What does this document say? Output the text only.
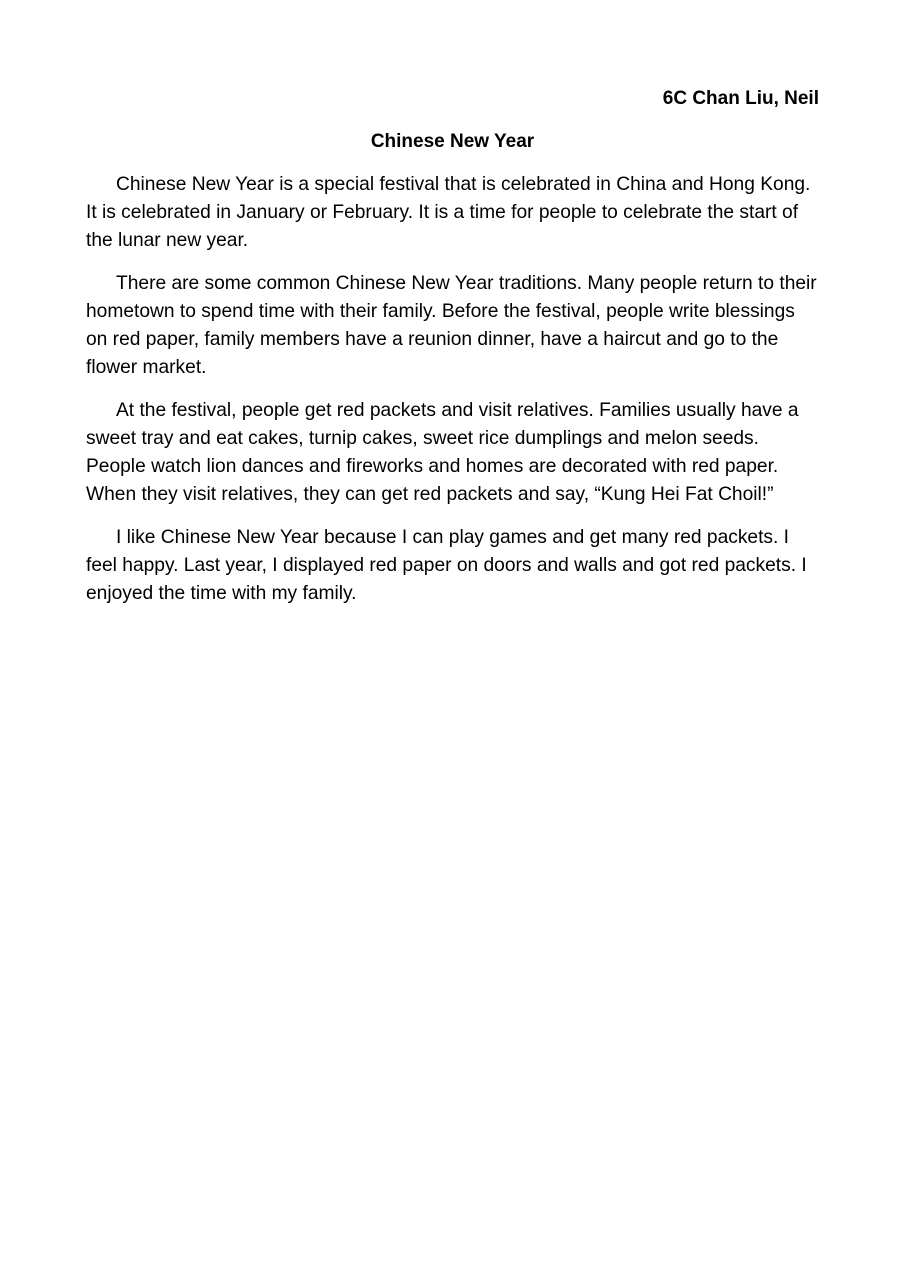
6C Chan Liu, Neil
Chinese New Year

Chinese New Year is a special festival that is celebrated in China and Hong Kong. It is celebrated in January or February. It is a time for people to celebrate the start of the lunar new year.

There are some common Chinese New Year traditions. Many people return to their hometown to spend time with their family. Before the festival, people write blessings on red paper, family members have a reunion dinner, have a haircut and go to the flower market.

At the festival, people get red packets and visit relatives. Families usually have a sweet tray and eat cakes, turnip cakes, sweet rice dumplings and melon seeds. People watch lion dances and fireworks and homes are decorated with red paper. When they visit relatives, they can get red packets and say, “Kung Hei Fat Choil!”

I like Chinese New Year because I can play games and get many red packets. I feel happy. Last year, I displayed red paper on doors and walls and got red packets. I enjoyed the time with my family.
